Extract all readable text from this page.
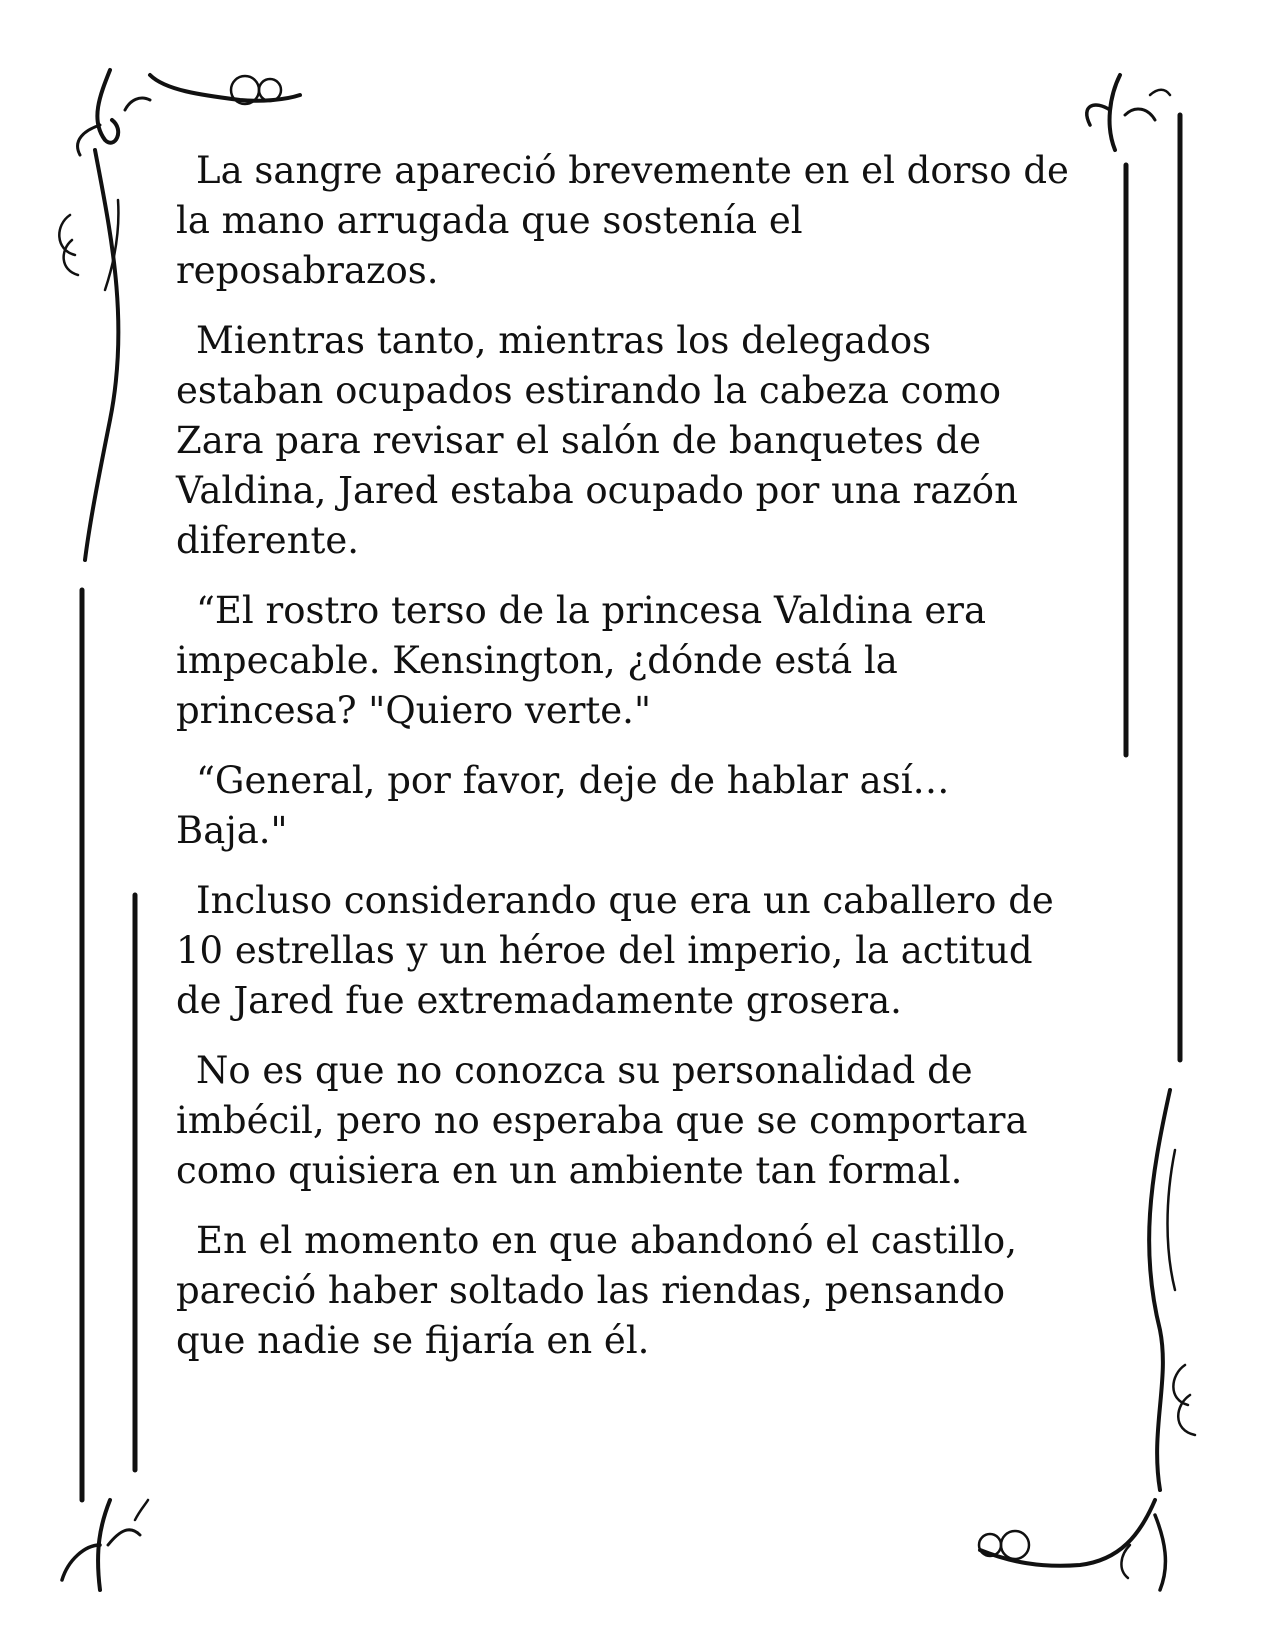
La sangre apareció brevemente en el dorso de
la mano arrugada que sostenía el
reposabrazos.

Mientras tanto, mientras los delegados
estaban ocupados estirando la cabeza como
Zara para revisar el salón de banquetes de
Valdina, Jared estaba ocupado por una razón
diferente.

“El rostro terso de la princesa Valdina era
impecable. Kensington, ¿dónde está la
princesa? "Quiero verte."

“General, por favor, deje de hablar así…
Baja."

Incluso considerando que era un caballero de
10 estrellas y un héroe del imperio, la actitud
de Jared fue extremadamente grosera.

No es que no conozca su personalidad de
imbécil, pero no esperaba que se comportara
como quisiera en un ambiente tan formal.

En el momento en que abandonó el castillo,
pareció haber soltado las riendas, pensando
que nadie se fijaría en él.
